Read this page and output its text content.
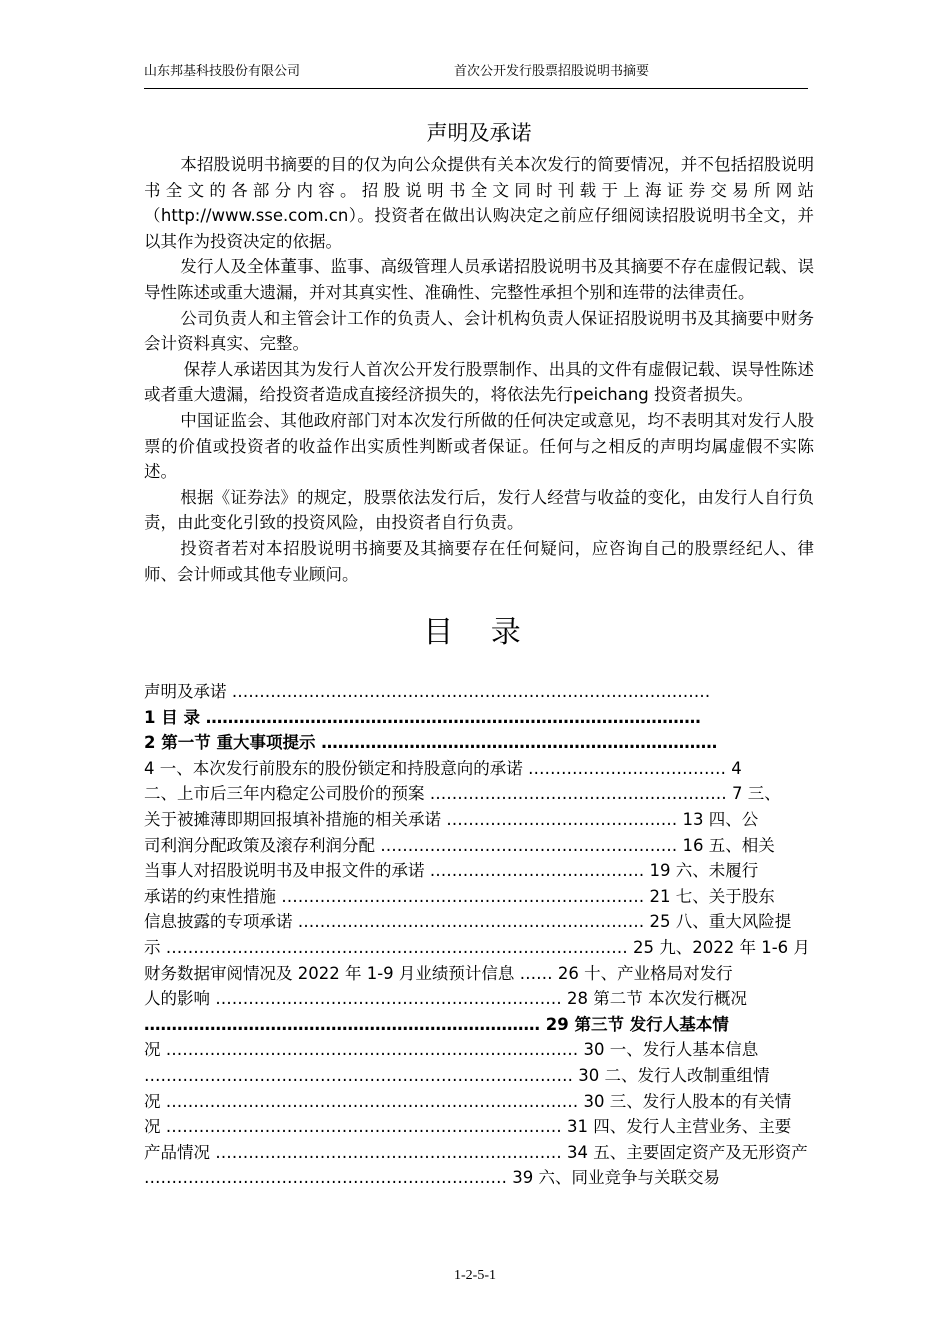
山东邦基科技股份有限公司	首次公开发行股票招股说明书摘要
声明及承诺

本招股说明书摘要的目的仅为向公众提供有关本次发行的简要情况，并不包括招股说明书全文的各部分内容。招股说明书全文同时刊载于上海证券交易所网站（http://www.sse.com.cn）。投资者在做出认购决定之前应仔细阅读招股说明书全文，并以其作为投资决定的依据。

发行人及全体董事、监事、高级管理人员承诺招股说明书及其摘要不存在虚假记载、误导性陈述或重大遗漏，并对其真实性、准确性、完整性承担个别和连带的法律责任。

公司负责人和主管会计工作的负责人、会计机构负责人保证招股说明书及其摘要中财务会计资料真实、完整。

保荐人承诺因其为发行人首次公开发行股票制作、出具的文件有虚假记载、误导性陈述或者重大遗漏，给投资者造成直接经济损失的，将依法先行peichang 投资者损失。

中国证监会、其他政府部门对本次发行所做的任何决定或意见，均不表明其对发行人股票的价值或投资者的收益作出实质性判断或者保证。任何与之相反的声明均属虚假不实陈述。

根据《证券法》的规定，股票依法发行后，发行人经营与收益的变化，由发行人自行负责，由此变化引致的投资风险，由投资者自行负责。

投资者若对本招股说明书摘要及其摘要存在任何疑问，应咨询自己的股票经纪人、律师、会计师或其他专业顾问。

目 录
声明及承诺 ……………………………………………………………………………
1 目 录 ………………………………………………………………………………
2 第一节 重大事项提示 ………………………………………………………………
4 一、本次发行前股东的股份锁定和持股意向的承诺 ……………………………… 4
二、上市后三年内稳定公司股价的预案 ……………………………………………… 7 三、
关于被摊薄即期回报填补措施的相关承诺 …………………………………… 13 四、公
司利润分配政策及滚存利润分配 ……………………………………………… 16 五、相关
当事人对招股说明书及申报文件的承诺 ………………………………… 19 六、未履行
承诺的约束性措施 ………………………………………………………… 21 七、关于股东
信息披露的专项承诺 ……………………………………………………… 25 八、重大风险提
示 ………………………………………………………………………… 25 九、2022 年 1-6 月
财务数据审阅情况及 2022 年 1-9 月业绩预计信息 …… 26 十、产业格局对发行
人的影响 ……………………………………………………… 28 第二节 本次发行概况
……………………………………………………………… 29 第三节 发行人基本情
况 ………………………………………………………………… 30 一、发行人基本信息
…………………………………………………………………… 30 二、发行人改制重组情
况 ………………………………………………………………… 30 三、发行人股本的有关情
况 ……………………………………………………………… 31 四、发行人主营业务、主要
产品情况 ……………………………………………………… 34 五、主要固定资产及无形资产
………………………………………………………… 39 六、同业竞争与关联交易
1-2-5-1
